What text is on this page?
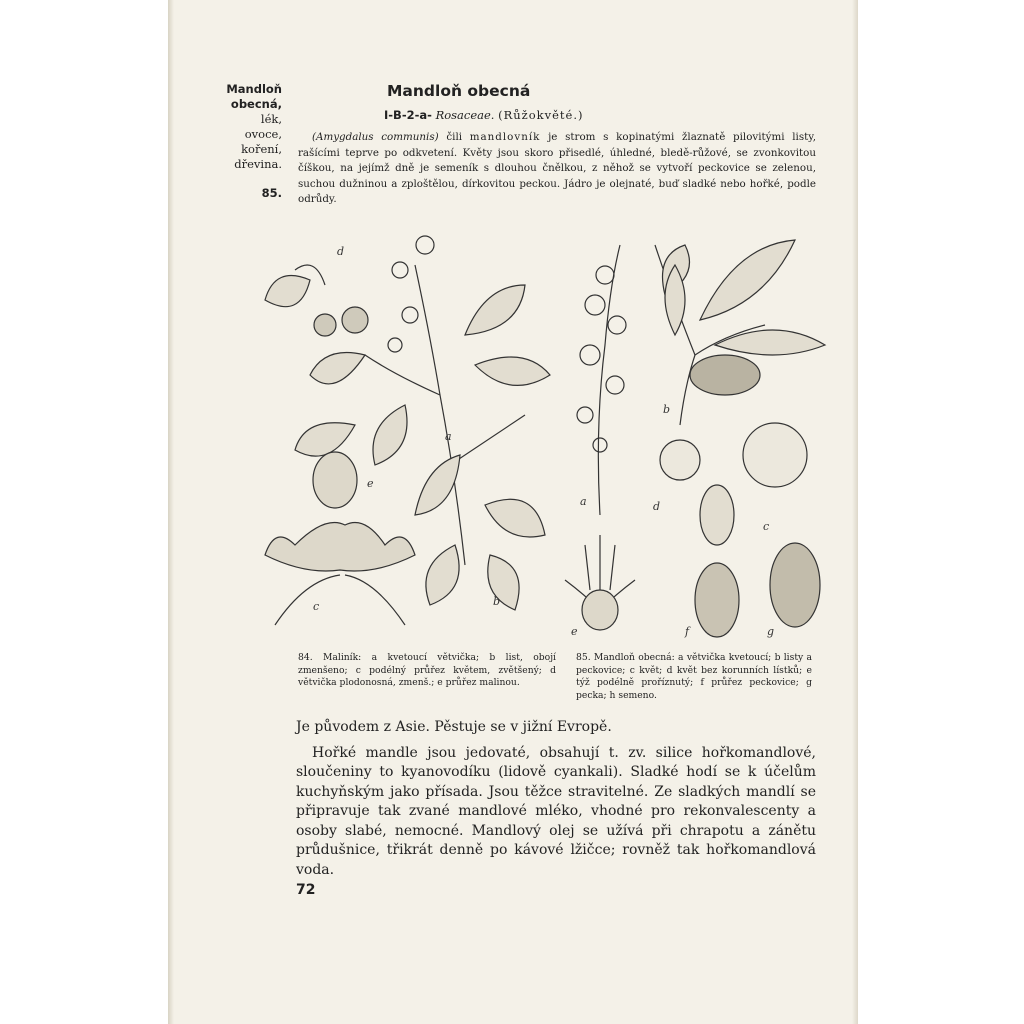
Mandloň
obecná,
lék,
ovoce,
koření,
dřevina.
85.
Mandloň obecná
I-B-2-a- Rosaceae. (Růžokvěté.)
(Amygdalus communis) čili mandlovník je strom s kopinatými žlaznatě pilovitými listy, rašícími teprve po odkvetení. Květy jsou skoro přisedlé, úhledné, bledě-růžové, se zvonkovitou číškou, na jejímž dně je semeník s dlouhou čnělkou, z něhož se vytvoří peckovice se zelenou, suchou dužninou a zploštělou, dírkovitou peckou. Jádro je olejnaté, buď sladké nebo hořké, podle odrůdy.
d
a
e
c	b
a
b
d
c
e	f	g
84. Maliník: a kvetoucí větvička; b list, obojí zmenšeno; c podélný průřez květem, zvětšený; d větvička plodonosná, zmenš.; e průřez malinou.
85. Mandloň obecná: a větvička kvetoucí; b listy a peckovice; c květ; d květ bez korunních lístků; e týž podélně proříznutý; f průřez peckovice; g pecka; h semeno.

Je původem z Asie. Pěstuje se v jižní Evropě.

Hořké mandle jsou jedovaté, obsahují t. zv. silice hořkomandlové, sloučeniny to kyanovodíku (lidově cyankali). Sladké hodí se k účelům kuchyňským jako přísada. Jsou těžce stravitelné. Ze sladkých mandlí se připravuje tak zvané mandlové mléko, vhodné pro rekonvalescenty a osoby slabé, nemocné. Mandlový olej se užívá při chrapotu a zánětu průdušnice, třikrát denně po kávové lžičce; rovněž tak hořkomandlová voda.

72
